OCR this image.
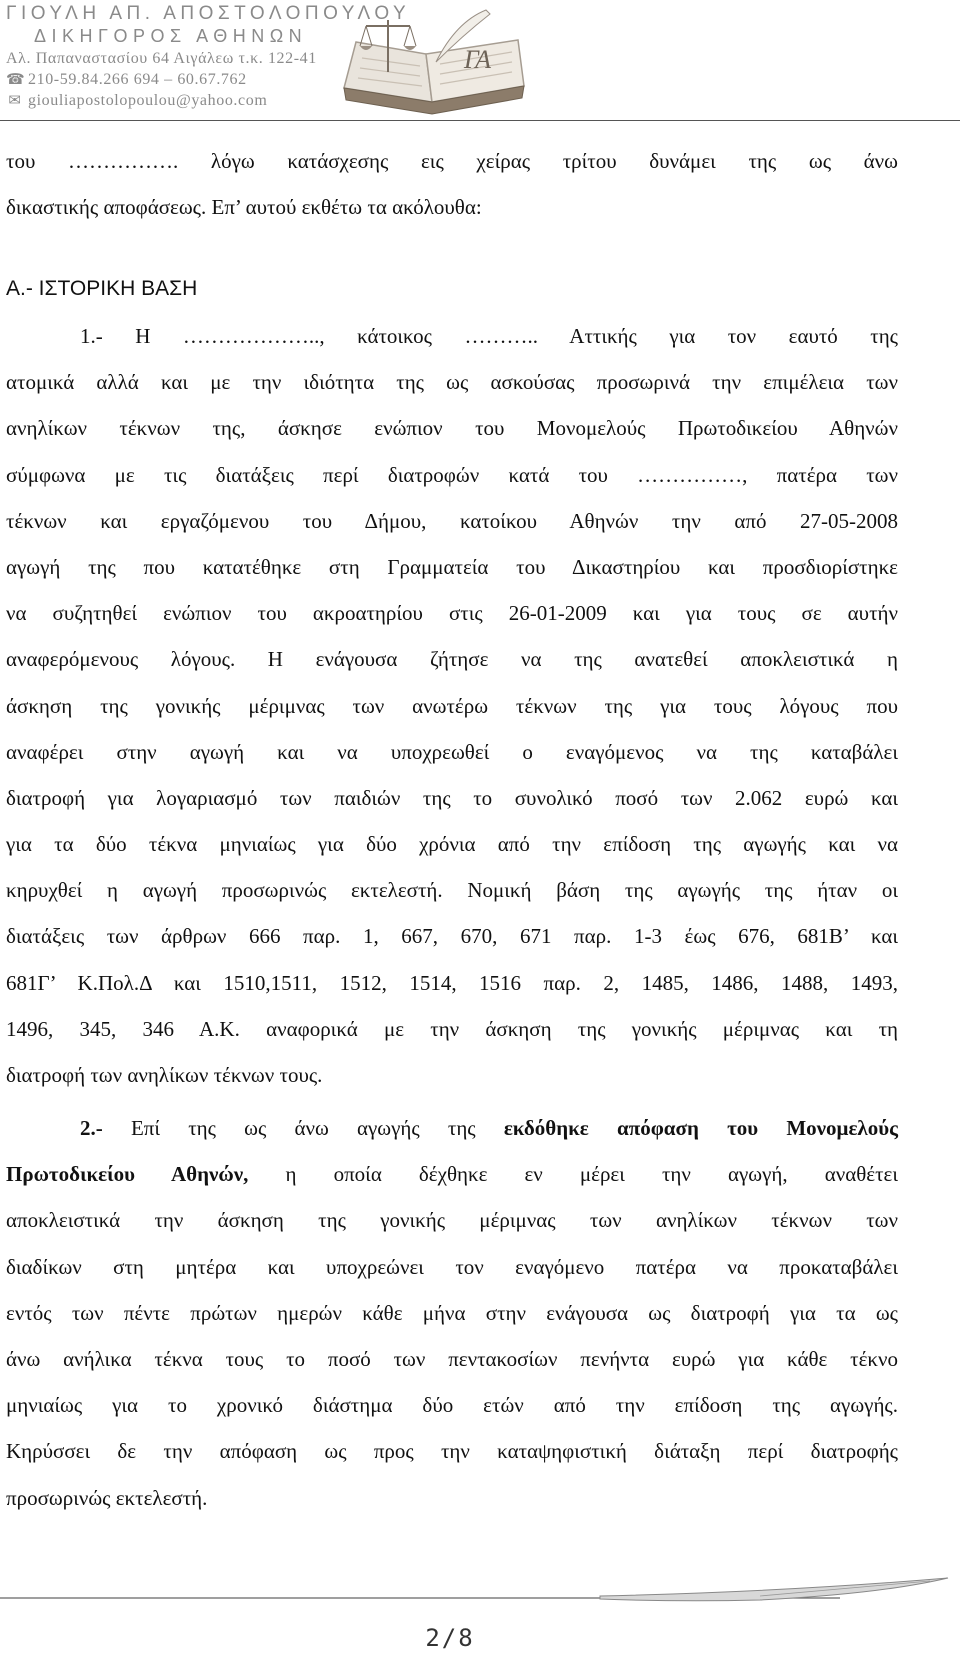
ΓΙΟΥΛΗ ΑΠ. ΑΠΟΣΤΟΛΟΠΟΥΛΟΥ
ΔΙΚΗΓΟΡΟΣ ΑΘΗΝΩΝ
Αλ. Παπαναστασίου 64 Αιγάλεω τ.κ. 122-41
☎ 210-59.84.266 694 – 60.67.762
✉ giouliapostolopoulou@yahoo.com
ΓΑ
του ……………. λόγω κατάσχεσης εις χείρας τρίτου δυνάμει της ως άνω
δικαστικής αποφάσεως. Επ’ αυτού εκθέτω τα ακόλουθα:
Α.- ΙΣΤΟΡΙΚΗ ΒΑΣΗ
1.- Η ……………….., κάτοικος ……….. Αττικής για τον εαυτό της
ατομικά αλλά και με την ιδιότητα της ως ασκούσας προσωρινά την επιμέλεια των
ανηλίκων τέκνων της, άσκησε ενώπιον του Μονομελούς Πρωτοδικείου Αθηνών
σύμφωνα με τις διατάξεις περί διατροφών κατά του ……………, πατέρα των
τέκνων και εργαζόμενου του Δήμου, κατοίκου Αθηνών την από 27-05-2008
αγωγή της που κατατέθηκε στη Γραμματεία του Δικαστηρίου και προσδιορίστηκε
να συζητηθεί ενώπιον του ακροατηρίου στις 26-01-2009 και για τους σε αυτήν
αναφερόμενους λόγους. Η ενάγουσα ζήτησε να της ανατεθεί αποκλειστικά η
άσκηση της γονικής μέριμνας των ανωτέρω τέκνων της για τους λόγους που
αναφέρει στην αγωγή και να υποχρεωθεί ο εναγόμενος να της καταβάλει
διατροφή για λογαριασμό των παιδιών της το συνολικό ποσό των 2.062 ευρώ και
για τα δύο τέκνα μηνιαίως για δύο χρόνια από την επίδοση της αγωγής και να
κηρυχθεί η αγωγή προσωρινώς εκτελεστή. Νομική βάση της αγωγής της ήταν οι
διατάξεις των άρθρων 666 παρ. 1, 667, 670, 671 παρ. 1-3 έως 676, 681Β’ και
681Γ’ Κ.Πολ.Δ και 1510,1511, 1512, 1514, 1516 παρ. 2, 1485, 1486, 1488, 1493,
1496, 345, 346 Α.Κ. αναφορικά με την άσκηση της γονικής μέριμνας και τη
διατροφή των ανηλίκων τέκνων τους.
2.- Επί της ως άνω αγωγής της εκδόθηκε απόφαση του Μονομελούς
Πρωτοδικείου Αθηνών, η οποία δέχθηκε εν μέρει την αγωγή, αναθέτει
αποκλειστικά την άσκηση της γονικής μέριμνας των ανηλίκων τέκνων των
διαδίκων στη μητέρα και υποχρεώνει τον εναγόμενο πατέρα να προκαταβάλει
εντός των πέντε πρώτων ημερών κάθε μήνα στην ενάγουσα ως διατροφή για τα ως
άνω ανήλικα τέκνα τους το ποσό των πεντακοσίων πενήντα ευρώ για κάθε τέκνο
μηνιαίως για το χρονικό διάστημα δύο ετών από την επίδοση της αγωγής.
Κηρύσσει δε την απόφαση ως προς την καταψηφιστική διάταξη περί διατροφής
προσωρινώς εκτελεστή.
2/8
